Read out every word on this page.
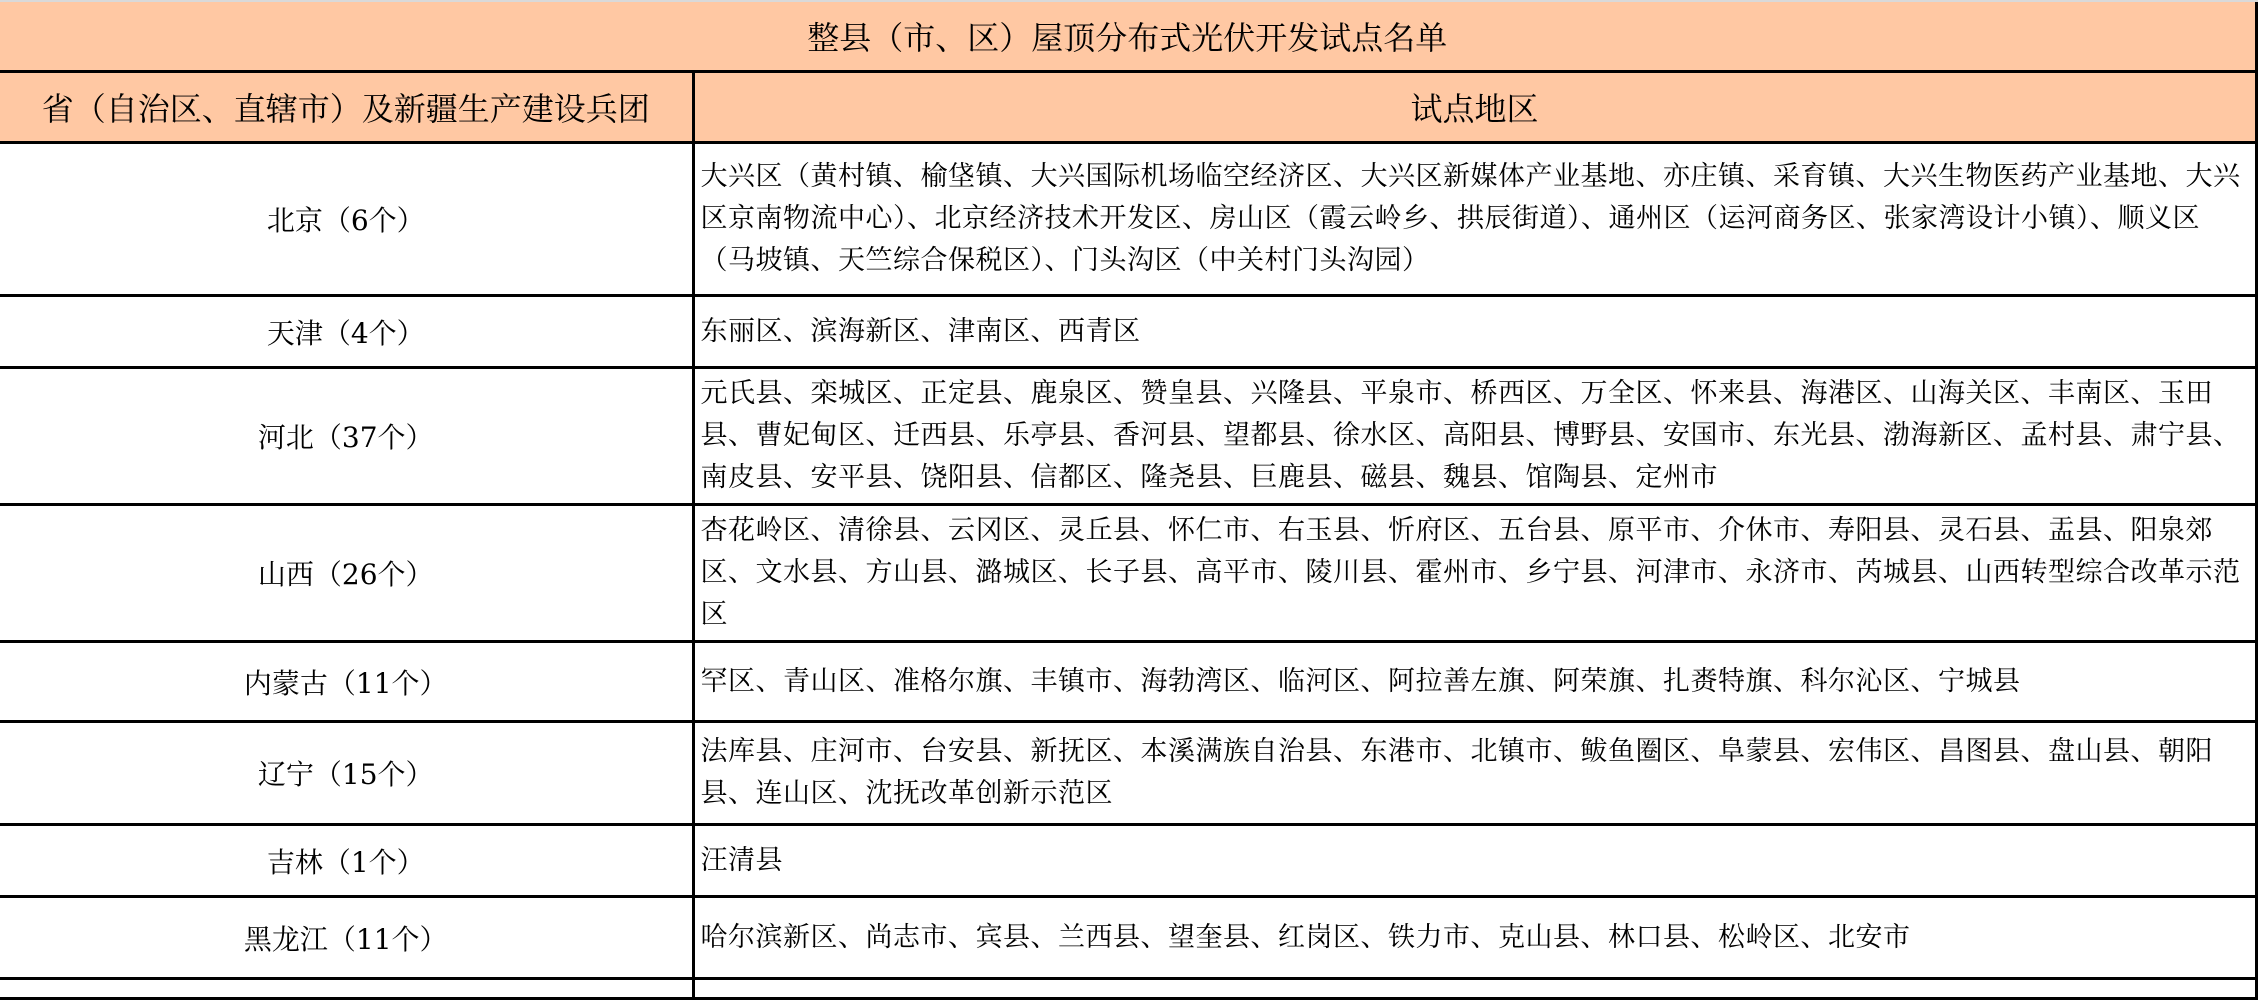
整县（市、区）屋顶分布式光伏开发试点名单	
省（自治区、直辖市）及新疆生产建设兵团	试点地区
北京（6个）	大兴区（黄村镇、榆垡镇、大兴国际机场临空经济区、大兴区新媒体产业基地、亦庄镇、采育镇、大兴生物医药产业基地、大兴区京南物流中心）、北京经济技术开发区、房山区（霞云岭乡、拱辰街道）、通州区（运河商务区、张家湾设计小镇）、顺义区（马坡镇、天竺综合保税区）、门头沟区（中关村门头沟园）
天津（4个）	东丽区、滨海新区、津南区、西青区
河北（37个）	元氏县、栾城区、正定县、鹿泉区、赞皇县、兴隆县、平泉市、桥西区、万全区、怀来县、海港区、山海关区、丰南区、玉田县、曹妃甸区、迁西县、乐亭县、香河县、望都县、徐水区、高阳县、博野县、安国市、东光县、渤海新区、孟村县、肃宁县、南皮县、安平县、饶阳县、信都区、隆尧县、巨鹿县、磁县、魏县、馆陶县、定州市
山西（26个）	杏花岭区、清徐县、云冈区、灵丘县、怀仁市、右玉县、忻府区、五台县、原平市、介休市、寿阳县、灵石县、盂县、阳泉郊区、文水县、方山县、潞城区、长子县、高平市、陵川县、霍州市、乡宁县、河津市、永济市、芮城县、山西转型综合改革示范区
内蒙古（11个）	罕区、青山区、准格尔旗、丰镇市、海勃湾区、临河区、阿拉善左旗、阿荣旗、扎赉特旗、科尔沁区、宁城县
辽宁（15个）	法库县、庄河市、台安县、新抚区、本溪满族自治县、东港市、北镇市、鲅鱼圈区、阜蒙县、宏伟区、昌图县、盘山县、朝阳县、连山区、沈抚改革创新示范区
吉林（1个）	汪清县
黑龙江（11个）	哈尔滨新区、尚志市、宾县、兰西县、望奎县、红岗区、铁力市、克山县、林口县、松岭区、北安市
